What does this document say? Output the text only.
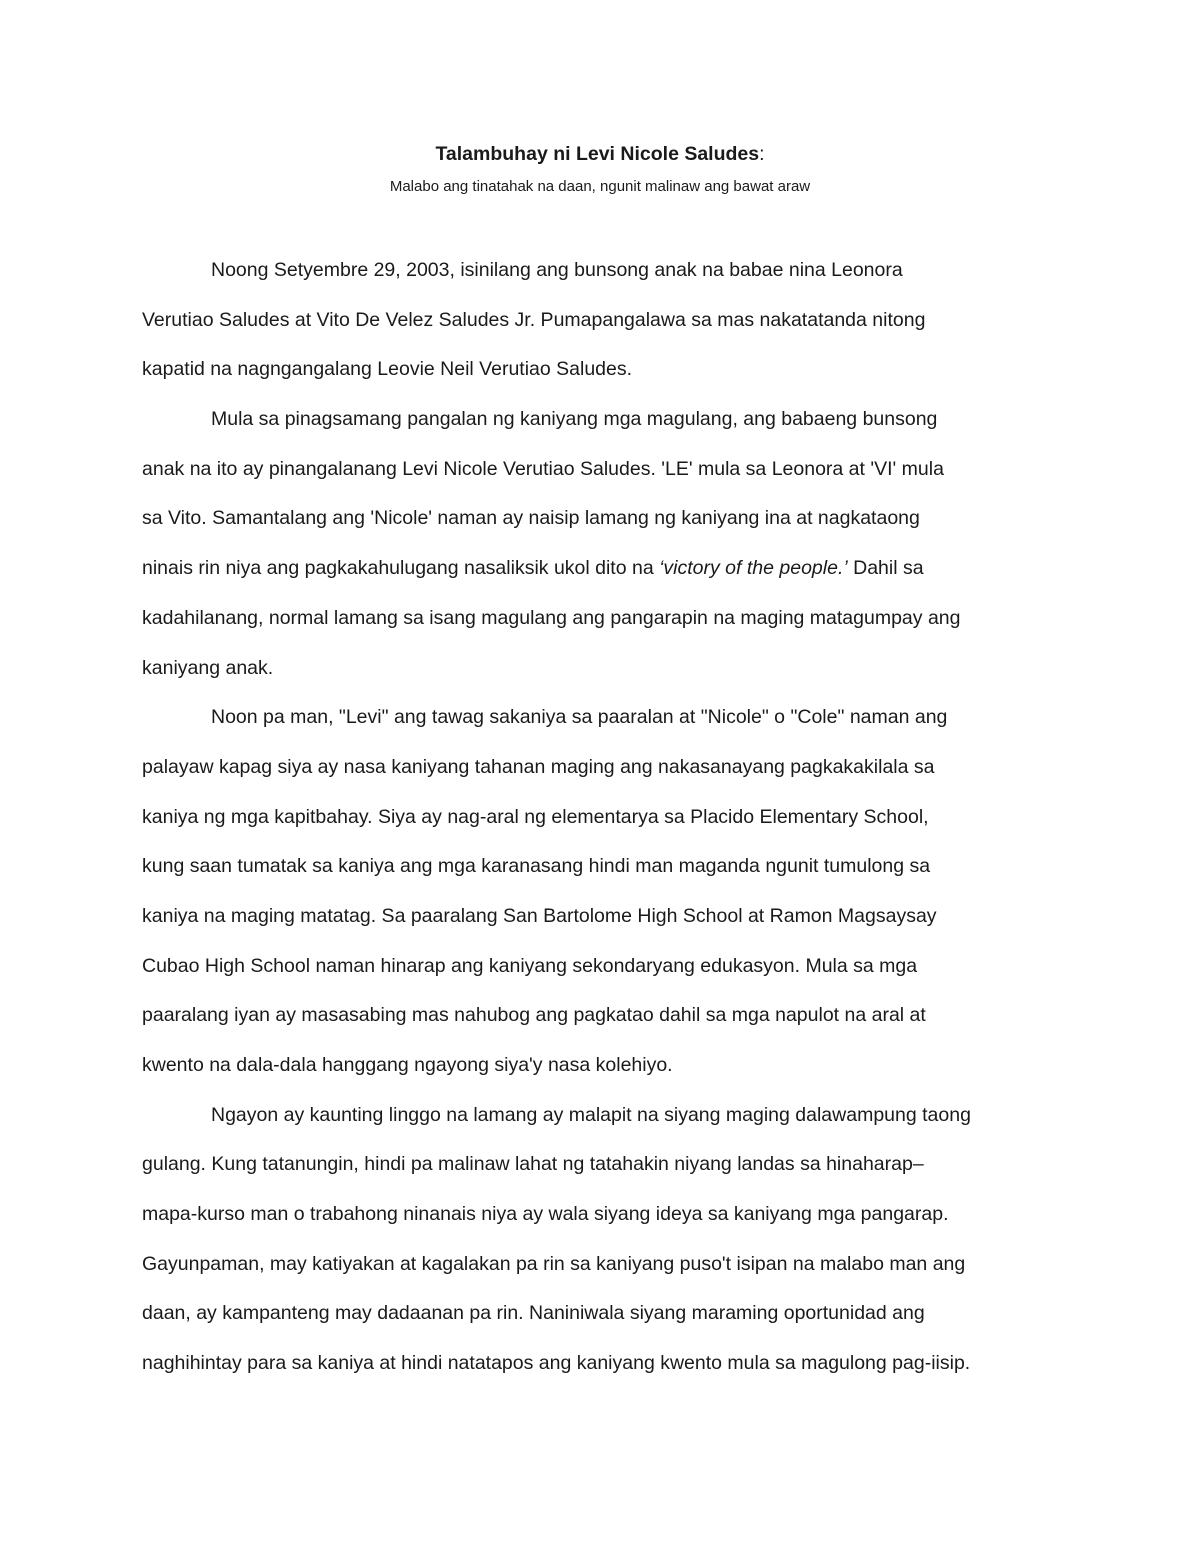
Talambuhay ni Levi Nicole Saludes:

Malabo ang tinatahak na daan, ngunit malinaw ang bawat araw

Noong Setyembre 29, 2003, isinilang ang bunsong anak na babae nina Leonora
Verutiao Saludes at Vito De Velez Saludes Jr. Pumapangalawa sa mas nakatatanda nitong
kapatid na nagngangalang Leovie Neil Verutiao Saludes.
Mula sa pinagsamang pangalan ng kaniyang mga magulang, ang babaeng bunsong
anak na ito ay pinangalanang Levi Nicole Verutiao Saludes. 'LE' mula sa Leonora at 'VI' mula
sa Vito. Samantalang ang 'Nicole' naman ay naisip lamang ng kaniyang ina at nagkataong
ninais rin niya ang pagkakahulugang nasaliksik ukol dito na ‘victory of the people.’ Dahil sa
kadahilanang, normal lamang sa isang magulang ang pangarapin na maging matagumpay ang
kaniyang anak.
Noon pa man, "Levi" ang tawag sakaniya sa paaralan at "Nicole" o "Cole" naman ang
palayaw kapag siya ay nasa kaniyang tahanan maging ang nakasanayang pagkakakilala sa
kaniya ng mga kapitbahay. Siya ay nag-aral ng elementarya sa Placido Elementary School,
kung saan tumatak sa kaniya ang mga karanasang hindi man maganda ngunit tumulong sa
kaniya na maging matatag. Sa paaralang San Bartolome High School at Ramon Magsaysay
Cubao High School naman hinarap ang kaniyang sekondaryang edukasyon. Mula sa mga
paaralang iyan ay masasabing mas nahubog ang pagkatao dahil sa mga napulot na aral at
kwento na dala-dala hanggang ngayong siya'y nasa kolehiyo.
Ngayon ay kaunting linggo na lamang ay malapit na siyang maging dalawampung taong
gulang. Kung tatanungin, hindi pa malinaw lahat ng tatahakin niyang landas sa hinaharap–
mapa-kurso man o trabahong ninanais niya ay wala siyang ideya sa kaniyang mga pangarap.
Gayunpaman, may katiyakan at kagalakan pa rin sa kaniyang puso't isipan na malabo man ang
daan, ay kampanteng may dadaanan pa rin. Naniniwala siyang maraming oportunidad ang
naghihintay para sa kaniya at hindi natatapos ang kaniyang kwento mula sa magulong pag-iisip.
